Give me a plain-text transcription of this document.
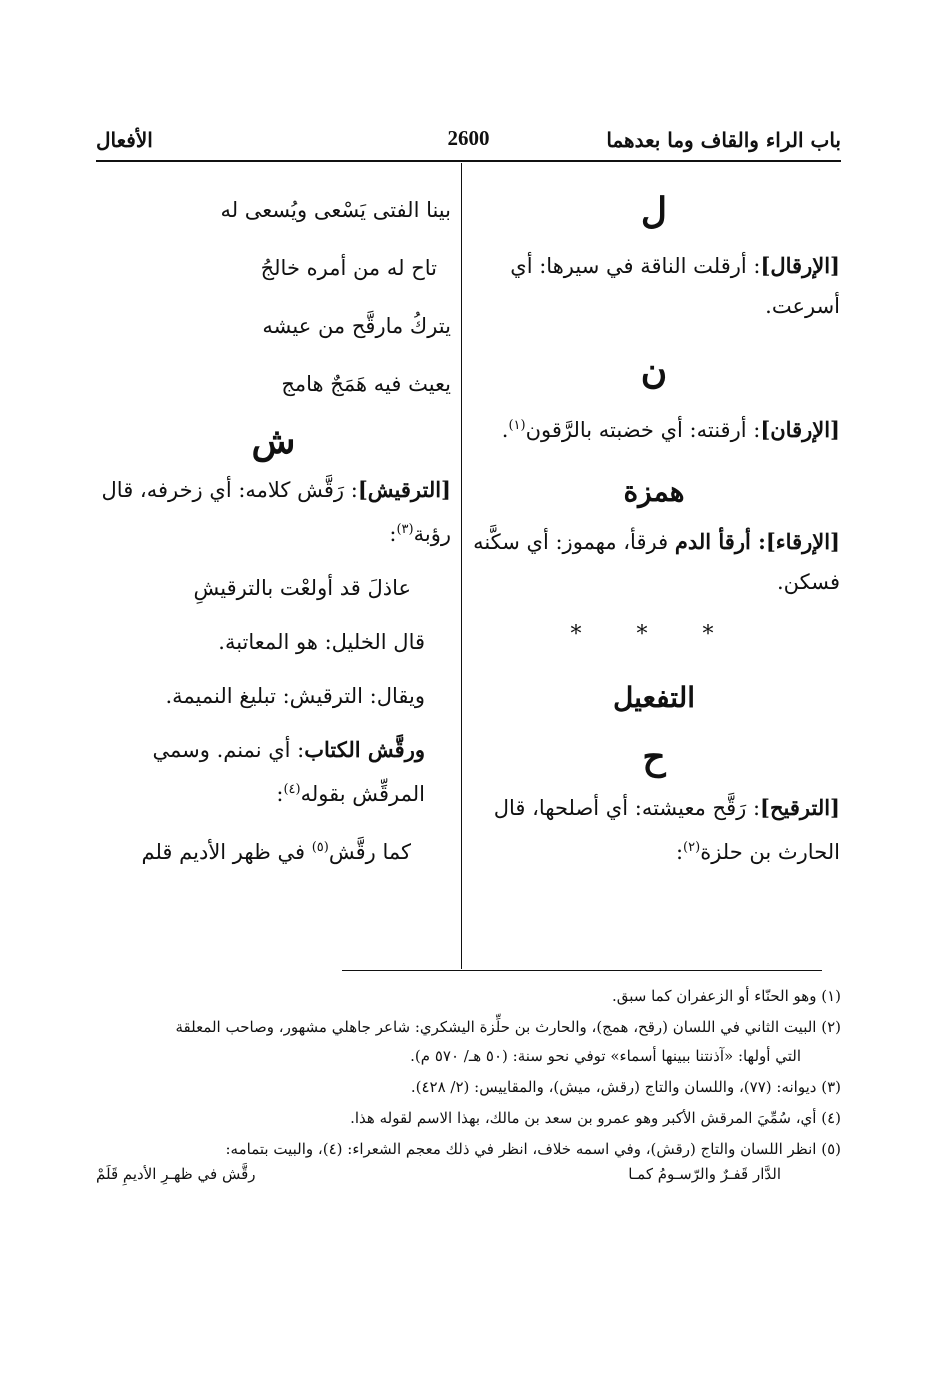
باب الراء والقاف وما بعدهما
2600
الأفعال
ل
[الإرقال]: أرقلت الناقة في سيرها: أي أسرعت.
ن
[الإرقان]: أرقنته: أي خضبته بالرَّقون$^{(١)}$.
همزة
[الإرقاء]: أرقأ الدم فرقأ، مهموز: أي سكَّنه فسكن.
* * *
التفعيل
ح
[الترقيح]: رَقَّح معيشته: أي أصلحها، قال الحارث بن حلزة$^{(٢)}$:
بينا الفتى يَسْعى ويُسعى له
تاح له من أمره خالجُ
يتركُ مارقَّح من عيشه
يعيث فيه هَمَجٌ هامج
ش
[الترقيش]: رَقَّش كلامه: أي زخرفه، قال رؤبة$^{(٣)}$:
عاذلَ قد أولعْت بالترقيشِ
قال الخليل: هو المعاتبة.
ويقال: الترقيش: تبليغ النميمة.
ورقَّش الكتاب: أي نمنم. وسمي المرقِّش بقوله$^{(٤)}$:
كما رقَّش$^{(٥)}$ في ظهر الأديم قلم

(١) وهو الحنّاء أو الزعفران كما سبق.

(٢) البيت الثاني في اللسان (رقح، همج)، والحارث بن حلِّزة اليشكري: شاعر جاهلي مشهور، وصاحب المعلقة

التي أولها: «آذنتنا ببينها أسماء» توفي نحو سنة: (٥٠ هـ/ ٥٧٠ م).

(٣) ديوانه: (٧٧)، واللسان والتاج (رقش، ميش)، والمقاييس: (٢/ ٤٢٨).

(٤) أي، سُمِّيَ المرقش الأكبر وهو عمرو بن سعد بن مالك، بهذا الاسم لقوله هذا.

(٥) انظر اللسان والتاج (رقش)، وفي اسمه خلاف، انظر في ذلك معجم الشعراء: (٤)، والبيت بتمامه:

الدَّار قَفـرٌ والرّسـومُ كمـا
رقَّش في ظهـرِ الأديمِ قَلَمْ
